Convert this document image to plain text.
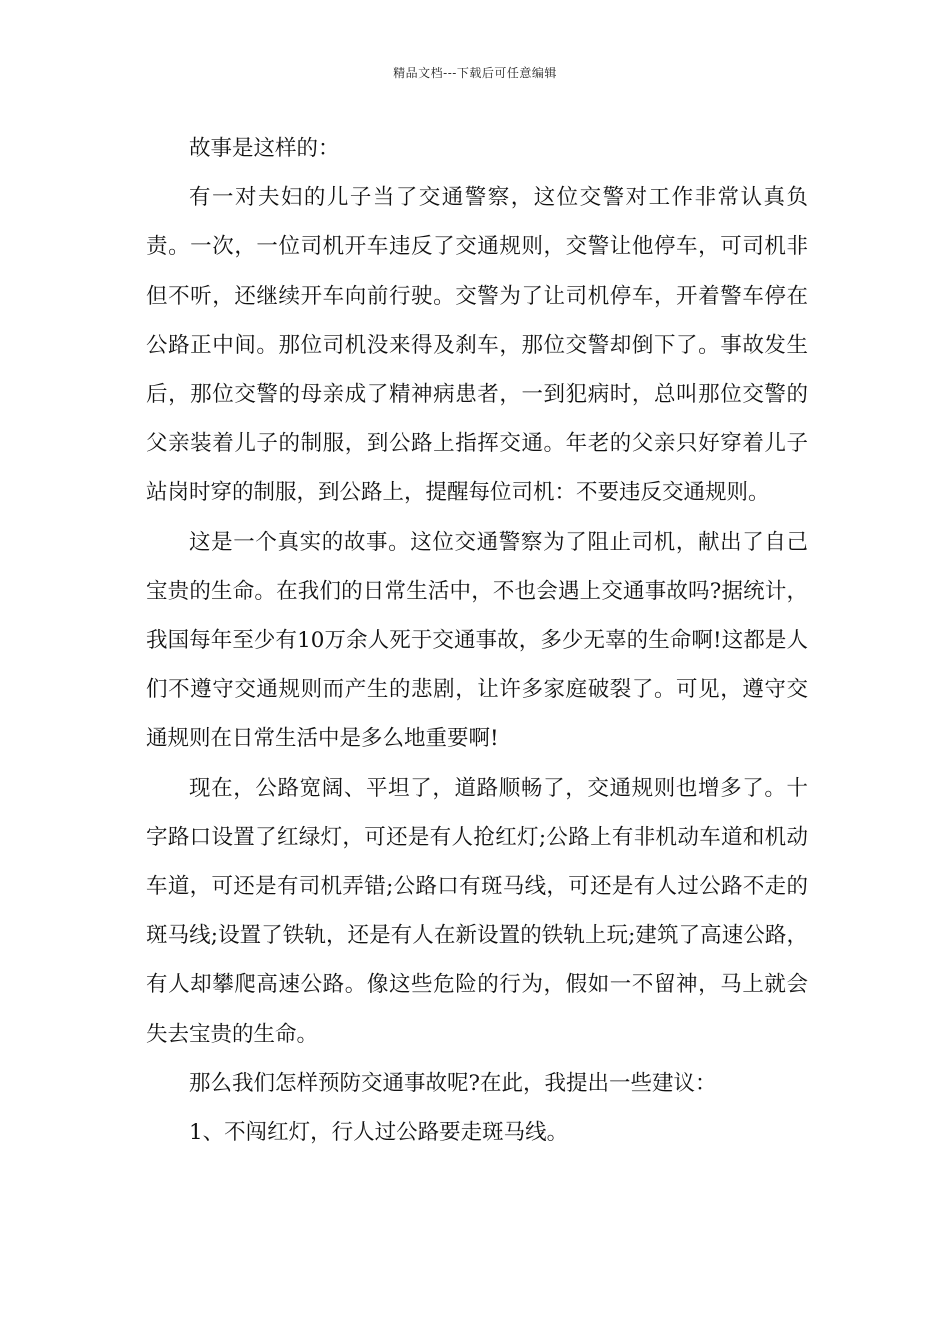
精品文档---下载后可任意编辑

故事是这样的：

有一对夫妇的儿子当了交通警察，这位交警对工作非常认真负责。一次，一位司机开车违反了交通规则，交警让他停车，可司机非但不听，还继续开车向前行驶。交警为了让司机停车，开着警车停在公路正中间。那位司机没来得及刹车，那位交警却倒下了。事故发生后，那位交警的母亲成了精神病患者，一到犯病时，总叫那位交警的父亲装着儿子的制服，到公路上指挥交通。年老的父亲只好穿着儿子站岗时穿的制服，到公路上，提醒每位司机：不要违反交通规则。

这是一个真实的故事。这位交通警察为了阻止司机，献出了自己宝贵的生命。在我们的日常生活中，不也会遇上交通事故吗?据统计，我国每年至少有10万余人死于交通事故，多少无辜的生命啊!这都是人们不遵守交通规则而产生的悲剧，让许多家庭破裂了。可见，遵守交通规则在日常生活中是多么地重要啊!

现在，公路宽阔、平坦了，道路顺畅了，交通规则也增多了。十字路口设置了红绿灯，可还是有人抢红灯;公路上有非机动车道和机动车道，可还是有司机弄错;公路口有斑马线，可还是有人过公路不走的斑马线;设置了铁轨，还是有人在新设置的铁轨上玩;建筑了高速公路，有人却攀爬高速公路。像这些危险的行为，假如一不留神，马上就会失去宝贵的生命。

那么我们怎样预防交通事故呢?在此，我提出一些建议：

1、不闯红灯，行人过公路要走斑马线。
